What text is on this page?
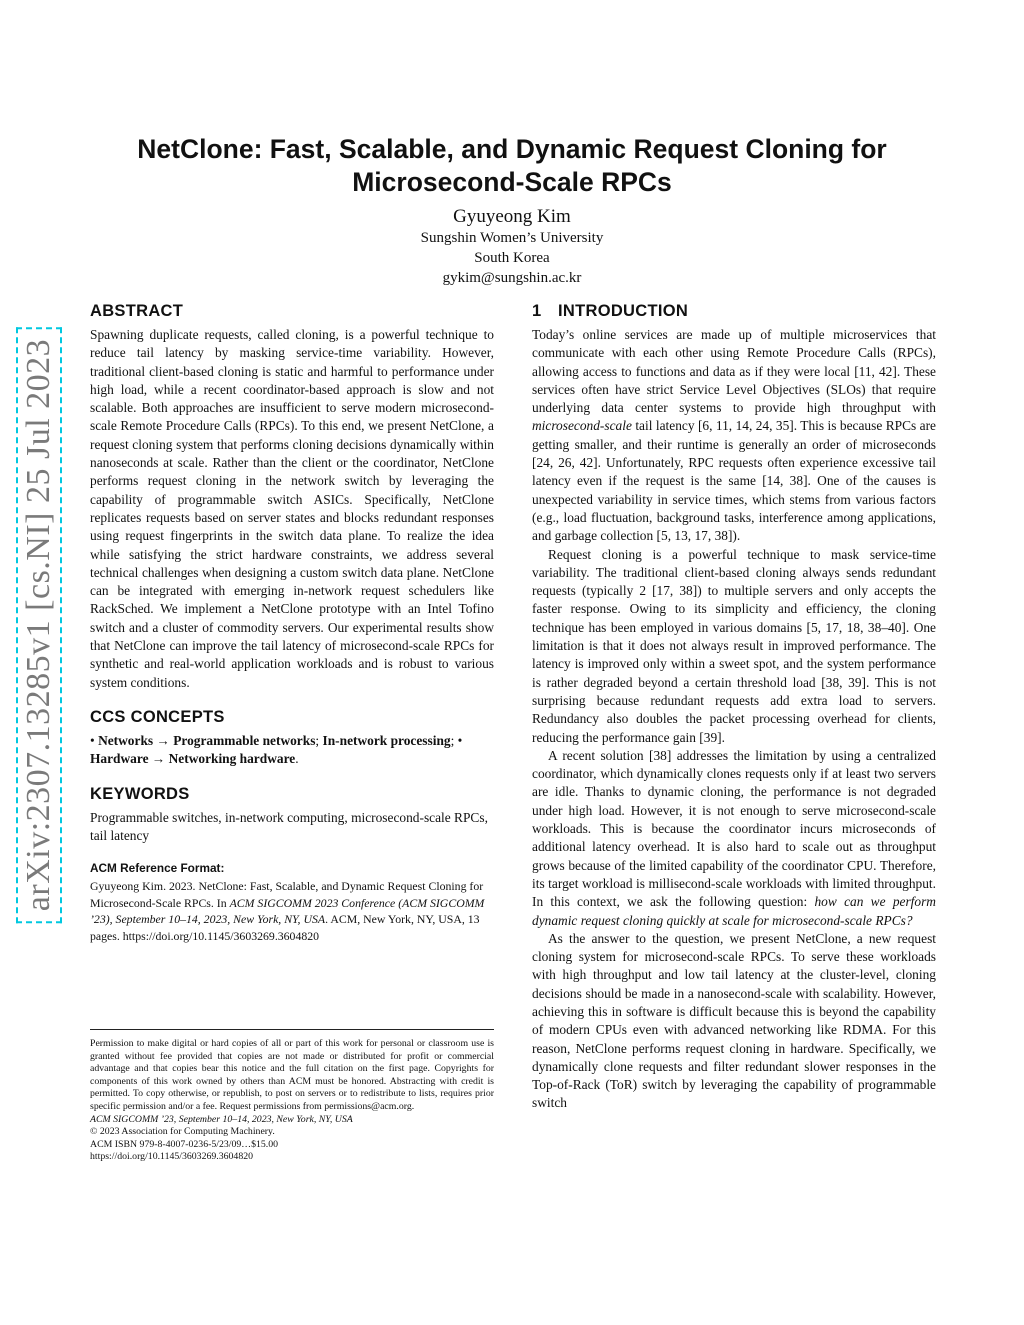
arXiv:2307.13285v1 [cs.NI] 25 Jul 2023
NetClone: Fast, Scalable, and Dynamic Request Cloning for
Microsecond-Scale RPCs
Gyuyeong Kim
Sungshin Women’s University
South Korea
gykim@sungshin.ac.kr
ABSTRACT

Spawning duplicate requests, called cloning, is a powerful technique to reduce tail latency by masking service-time variability. However, traditional client-based cloning is static and harmful to performance under high load, while a recent coordinator-based approach is slow and not scalable. Both approaches are insufficient to serve modern microsecond-scale Remote Procedure Calls (RPCs). To this end, we present NetClone, a request cloning system that performs cloning decisions dynamically within nanoseconds at scale. Rather than the client or the coordinator, NetClone performs request cloning in the network switch by leveraging the capability of programmable switch ASICs. Specifically, NetClone replicates requests based on server states and blocks redundant responses using request fingerprints in the switch data plane. To realize the idea while satisfying the strict hardware constraints, we address several technical challenges when designing a custom switch data plane. NetClone can be integrated with emerging in-network request schedulers like RackSched. We implement a NetClone prototype with an Intel Tofino switch and a cluster of commodity servers. Our experimental results show that NetClone can improve the tail latency of microsecond-scale RPCs for synthetic and real-world application workloads and is robust to various system conditions.

CCS CONCEPTS
• Networks → Programmable networks; In-network processing; • Hardware → Networking hardware.
KEYWORDS

Programmable switches, in-network computing, microsecond-scale RPCs, tail latency

ACM Reference Format:
Gyuyeong Kim. 2023. NetClone: Fast, Scalable, and Dynamic Request Cloning for Microsecond-Scale RPCs. In ACM SIGCOMM 2023 Conference (ACM SIGCOMM ’23), September 10–14, 2023, New York, NY, USA. ACM, New York, NY, USA, 13 pages. https://doi.org/10.1145/3603269.3604820

Permission to make digital or hard copies of all or part of this work for personal or classroom use is granted without fee provided that copies are not made or distributed for profit or commercial advantage and that copies bear this notice and the full citation on the first page. Copyrights for components of this work owned by others than ACM must be honored. Abstracting with credit is permitted. To copy otherwise, or republish, to post on servers or to redistribute to lists, requires prior specific permission and/or a fee. Request permissions from permissions@acm.org.

ACM SIGCOMM ’23, September 10–14, 2023, New York, NY, USA
© 2023 Association for Computing Machinery.
ACM ISBN 979-8-4007-0236-5/23/09…$15.00
https://doi.org/10.1145/3603269.3604820
1 INTRODUCTION

Today’s online services are made up of multiple microservices that communicate with each other using Remote Procedure Calls (RPCs), allowing access to functions and data as if they were local [11, 42]. These services often have strict Service Level Objectives (SLOs) that require underlying data center systems to provide high throughput with microsecond-scale tail latency [6, 11, 14, 24, 35]. This is because RPCs are getting smaller, and their runtime is generally an order of microseconds [24, 26, 42]. Unfortunately, RPC requests often experience excessive tail latency even if the request is the same [14, 38]. One of the causes is unexpected variability in service times, which stems from various factors (e.g., load fluctuation, background tasks, interference among applications, and garbage collection [5, 13, 17, 38]).

Request cloning is a powerful technique to mask service-time variability. The traditional client-based cloning always sends redundant requests (typically 2 [17, 38]) to multiple servers and only accepts the faster response. Owing to its simplicity and efficiency, the cloning technique has been employed in various domains [5, 17, 18, 38–40]. One limitation is that it does not always result in improved performance. The latency is improved only within a sweet spot, and the system performance is rather degraded beyond a certain threshold load [38, 39]. This is not surprising because redundant requests add extra load to servers. Redundancy also doubles the packet processing overhead for clients, reducing the performance gain [39].

A recent solution [38] addresses the limitation by using a centralized coordinator, which dynamically clones requests only if at least two servers are idle. Thanks to dynamic cloning, the performance is not degraded under high load. However, it is not enough to serve microsecond-scale workloads. This is because the coordinator incurs microseconds of additional latency overhead. It is also hard to scale out as throughput grows because of the limited capability of the coordinator CPU. Therefore, its target workload is millisecond-scale workloads with limited throughput. In this context, we ask the following question: how can we perform dynamic request cloning quickly at scale for microsecond-scale RPCs?

As the answer to the question, we present NetClone, a new request cloning system for microsecond-scale RPCs. To serve these workloads with high throughput and low tail latency at the cluster-level, cloning decisions should be made in a nanosecond-scale with scalability. However, achieving this in software is difficult because this is beyond the capability of modern CPUs even with advanced networking like RDMA. For this reason, NetClone performs request cloning in hardware. Specifically, we dynamically clone requests and filter redundant slower responses in the Top-of-Rack (ToR) switch by leveraging the capability of programmable switch
